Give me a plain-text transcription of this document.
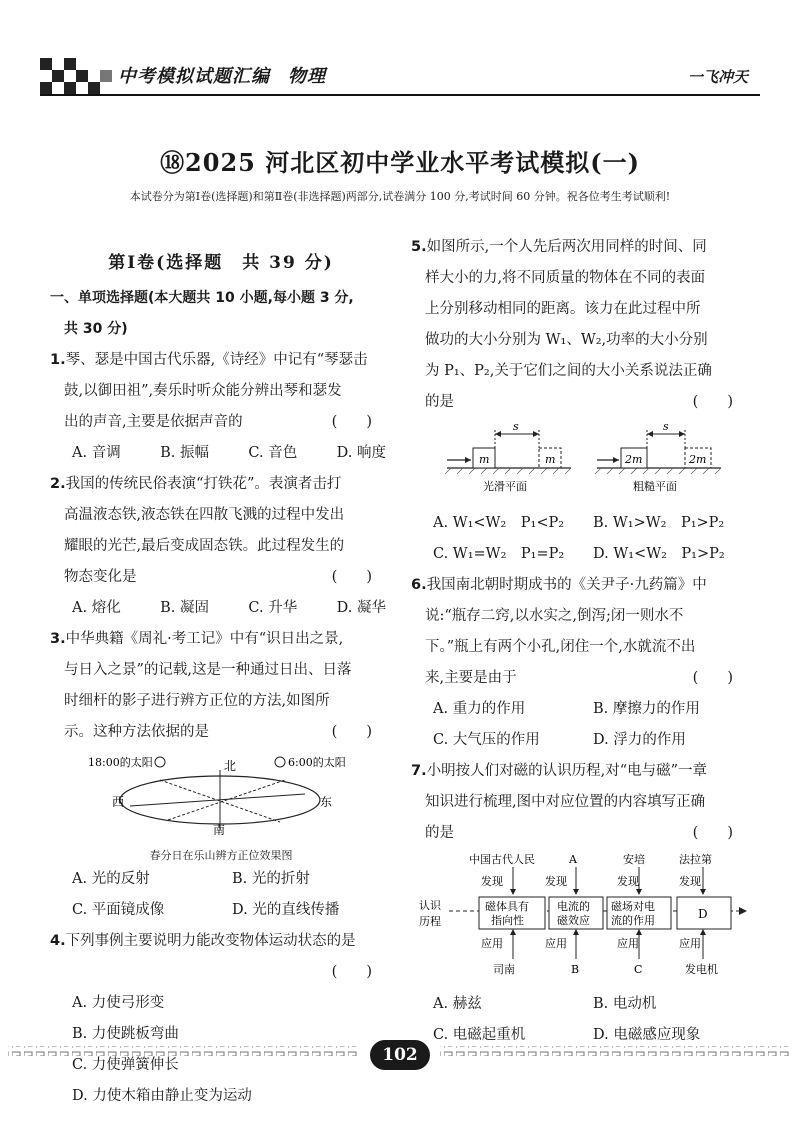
中考模拟试题汇编 物理	一飞冲天
⑱2025 河北区初中学业水平考试模拟(一)
本试卷分为第Ⅰ卷(选择题)和第Ⅱ卷(非选择题)两部分,试卷满分 100 分,考试时间 60 分钟。祝各位考生考试顺利!
第Ⅰ卷(选择题　共 39 分)
一、单项选择题(本大题共 10 小题,每小题 3 分,
共 30 分)

1.琴、瑟是中国古代乐器,《诗经》中记有“琴瑟击

鼓,以御田祖”,奏乐时听众能分辨出琴和瑟发

出的声音,主要是依据声音的	(　　)

A. 音调	B. 振幅	C. 音色	D. 响度

2.我国的传统民俗表演“打铁花”。表演者击打

高温液态铁,液态铁在四散飞溅的过程中发出

耀眼的光芒,最后变成固态铁。此过程发生的

物态变化是	(　　)

A. 熔化	B. 凝固	C. 升华	D. 凝华

3.中华典籍《周礼·考工记》中有“识日出之景,

与日入之景”的记载,这是一种通过日出、日落

时细杆的影子进行辨方正位的方法,如图所

示。这种方法依据的是	(　　)

18:00的太阳	6:00的太阳
北
西	东
南
春分日在乐山辨方正位效果图
A. 光的反射	B. 光的折射
C. 平面镜成像	D. 光的直线传播

4.下列事例主要说明力能改变物体运动状态的是

(　　)

A. 力使弓形变
B. 力使跳板弯曲
C. 力使弹簧伸长
D. 力使木箱由静止变为运动

5.如图所示,一个人先后两次用同样的时间、同

样大小的力,将不同质量的物体在不同的表面

上分别移动相同的距离。该力在此过程中所

做功的大小分别为 W₁、W₂,功率的大小分别

为 P₁、P₂,关于它们之间的大小关系说法正确

的是	(　　)

s
m	m
光滑平面
s
2m	2m
粗糙平面
A. W₁<W₂　P₁<P₂	B. W₁>W₂　P₁>P₂
C. W₁=W₂　P₁=P₂	D. W₁<W₂　P₁>P₂

6.我国南北朝时期成书的《关尹子·九药篇》中

说:“瓶存二窍,以水实之,倒泻;闭一则水不

下。”瓶上有两个小孔,闭住一个,水就流不出

来,主要是由于	(　　)

A. 重力的作用	B. 摩擦力的作用
C. 大气压的作用	D. 浮力的作用

7.小明按人们对磁的认识历程,对“电与磁”一章

知识进行梳理,图中对应位置的内容填写正确

的是	(　　)

中国古代人民	A	安培	法拉第
发现	发现	发现	发现
认识
历程
磁体具有
指向性
电流的
磁效应
磁场对电
流的作用	D
应用	应用	应用	应用
司南	B	C	发电机
A. 赫兹	B. 电动机
C. 电磁起重机	D. 电磁感应现象
102
